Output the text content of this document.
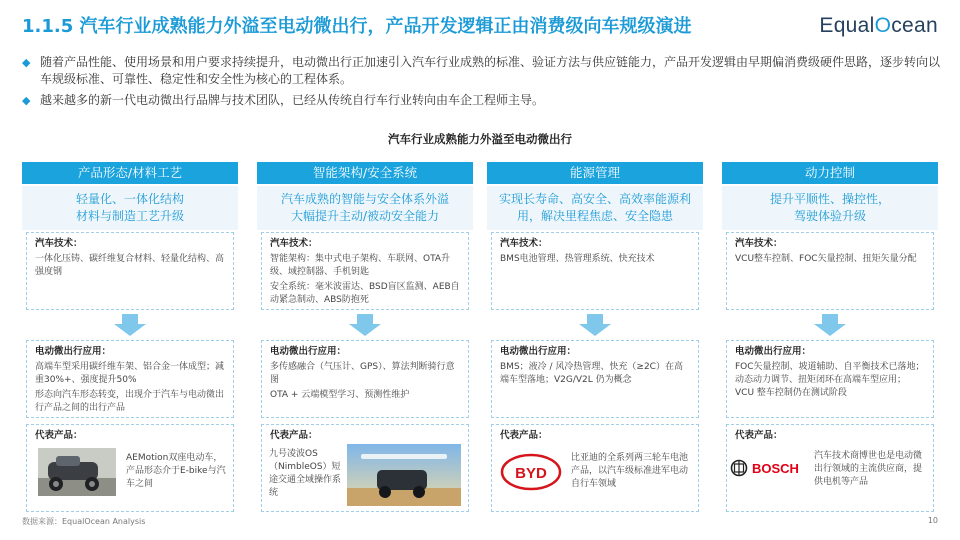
1.1.5 汽车行业成熟能力外溢至电动微出行，产品开发逻辑正由消费级向车规级演进	EqualOcean
◆ 随着产品性能、使用场景和用户要求持续提升，电动微出行正加速引入汽车行业成熟的标准、验证方法与供应链能力，产品开发逻辑由早期偏消费级硬件思路，逐步转向以车规级标准、可靠性、稳定性和安全性为核心的工程体系。
◆ 越来越多的新一代电动微出行品牌与技术团队，已经从传统自行车行业转向由车企工程师主导。
汽车行业成熟能力外溢至电动微出行
产品形态/材料工艺
轻量化、一体化结构
材料与制造工艺升级
汽车技术：
一体化压铸、碳纤维复合材料、轻量化结构、高强度钢
电动微出行应用：
高端车型采用碳纤维车架、铝合金一体成型；减重30%+、强度提升50%
形态向汽车形态转变，出现介于汽车与电动微出行产品之间的出行产品
代表产品：
AEMotion双座电动车，产品形态介于E-bike与汽车之间
智能架构/安全系统
汽车成熟的智能与安全体系外溢
大幅提升主动/被动安全能力
汽车技术：
智能架构：集中式电子架构、车联网、OTA升级、域控制器、手机钥匙
安全系统：毫米波雷达、BSD盲区监测、AEB自动紧急制动、ABS防抱死
电动微出行应用：
多传感融合（气压计、GPS）、算法判断骑行意图
OTA + 云端模型学习、预测性维护
代表产品：
九号凌波OS（NimbleOS）短途交通全域操作系统
能源管理
实现长寿命、高安全、高效率能源利
用，解决里程焦虑、安全隐患
汽车技术：
BMS电池管理、热管理系统、快充技术
电动微出行应用：
BMS；液冷 / 风冷热管理、快充（≥2C）在高端车型落地；V2G/V2L 仍为概念
代表产品：
BYD
比亚迪的全系列两三轮车电池产品，以汽车级标准进军电动自行车领域
动力控制
提升平顺性、操控性，
驾驶体验升级
汽车技术：
VCU整车控制、FOC矢量控制、扭矩矢量分配
电动微出行应用：
FOC矢量控制、坡道辅助、自平衡技术已落地；动态动力调节、扭矩闭环在高端车型应用；VCU 整车控制仍在测试阶段
代表产品：
BOSCH
汽车技术商博世也是电动微出行领域的主流供应商，提供电机等产品
数据来源：EqualOcean Analysis	10
